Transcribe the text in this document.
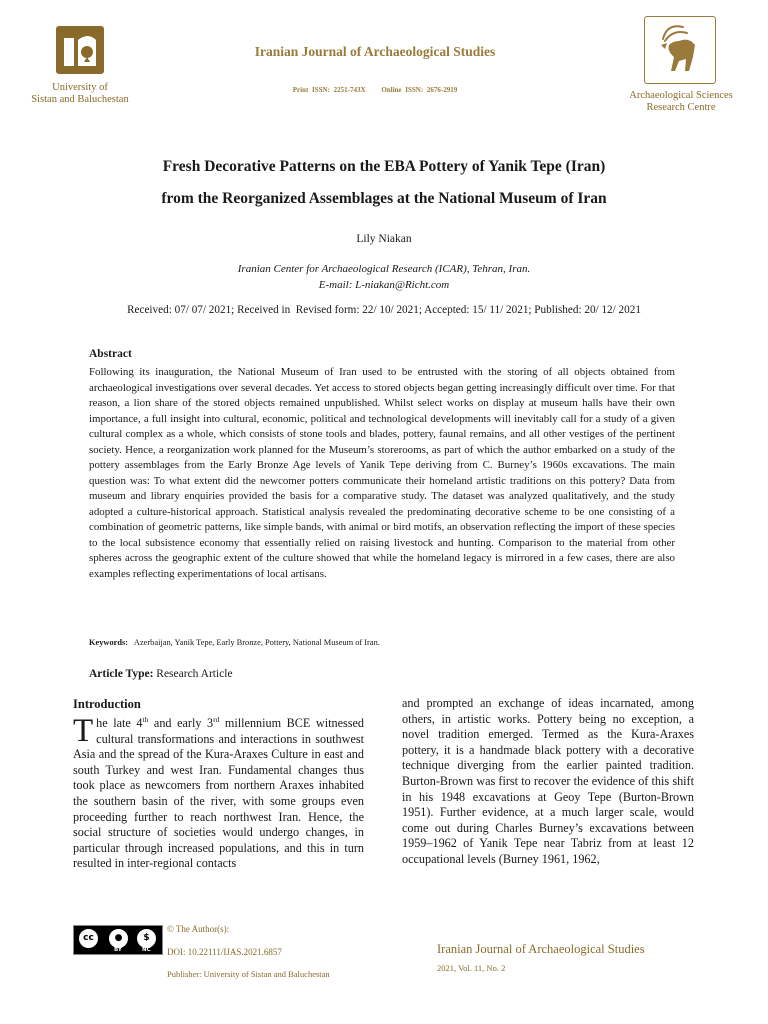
University of
Sistan and Baluchestan
Iranian Journal of Archaeological Studies
Print ISSN: 2251-743X Online ISSN: 2676-2919	Archaeological Sciences
Research Centre
Fresh Decorative Patterns on the EBA Pottery of Yanik Tepe (Iran)
from the Reorganized Assemblages at the National Museum of Iran
Lily Niakan
Iranian Center for Archaeological Research (ICAR), Tehran, Iran.
E-mail: L-niakan@Richt.com
Received: 07/ 07/ 2021; Received in  Revised form: 22/ 10/ 2021; Accepted: 15/ 11/ 2021; Published: 20/ 12/ 2021
Abstract
Following its inauguration, the National Museum of Iran used to be entrusted with the storing of all objects obtained from archaeological investigations over several decades. Yet access to stored objects began getting increasingly difficult over time. For that reason, a lion share of the stored objects remained unpublished. Whilst select works on display at museum halls have their own importance, a full insight into cultural, economic, political and technological developments will inevitably call for a study of a given cultural complex as a whole, which consists of stone tools and blades, pottery, faunal remains, and all other vestiges of the pertinent society. Hence, a reorganization work planned for the Museum’s storerooms, as part of which the author embarked on a study of the pottery assemblages from the Early Bronze Age levels of Yanik Tepe deriving from C. Burney’s 1960s excavations. The main question was: To what extent did the newcomer potters communicate their homeland artistic traditions on this pottery? Data from museum and library enquiries provided the basis for a comparative study. The dataset was analyzed qualitatively, and the study adopted a culture-historical approach. Statistical analysis revealed the predominating decorative scheme to be one consisting of a combination of geometric patterns, like simple bands, with animal or bird motifs, an observation reflecting the import of these species to the local subsistence economy that essentially relied on raising livestock and hunting. Comparison to the material from other spheres across the geographic extent of the culture showed that while the homeland legacy is mirrored in a few cases, there are also examples reflecting experimentations of local artisans.
Keywords: Azerbaijan, Yanik Tepe, Early Bronze, Pottery, National Museum of Iran.
Article Type: Research Article
Introduction
The late 4th and early 3rd millennium BCE witnessed cultural transformations and interactions in southwest Asia and the spread of the Kura-Araxes Culture in east and south Turkey and west Iran. Fundamental changes thus took place as newcomers from northern Araxes inhabited the southern basin of the river, with some groups even proceeding further to reach northwest Iran. Hence, the social structure of societies would undergo changes, in particular through increased populations, and this in turn resulted in inter-regional contacts
and prompted an exchange of ideas incarnated, among others, in artistic works. Pottery being no exception, a novel tradition emerged. Termed as the Kura-Araxes pottery, it is a handmade black pottery with a decorative technique diverging from the earlier painted tradition. Burton-Brown was first to recover the evidence of this shift in his 1948 excavations at Geoy Tepe (Burton-Brown 1951). Further evidence, at a much larger scale, would come out during Charles Burney’s excavations between 1959–1962 of Yanik Tepe near Tabriz from at least 12 occupational levels (Burney 1961, 1962,
cc	●	$
BY	NC
© The Author(s):
DOI: 10.22111/IJAS.2021.6857
Publisher: University of Sistan and Baluchestan
Iranian Journal of Archaeological Studies
2021, Vol. 11, No. 2
